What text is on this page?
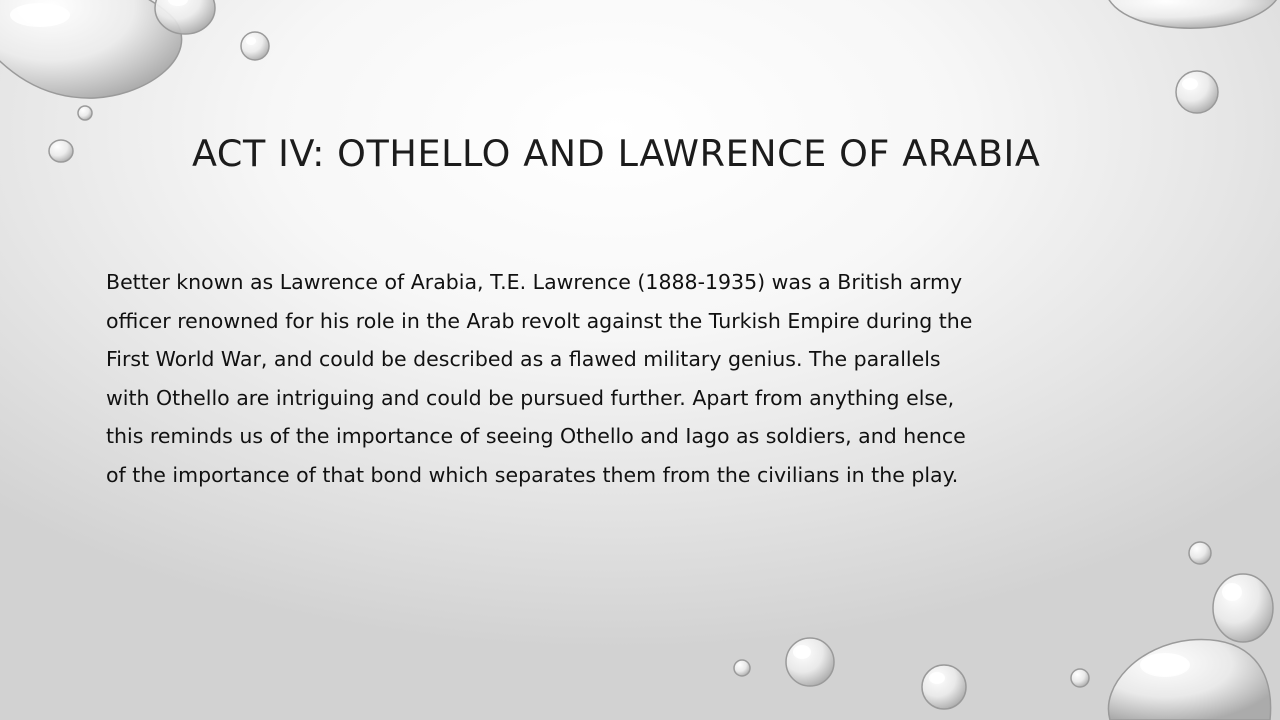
ACT IV: OTHELLO AND LAWRENCE OF ARABIA
Better known as Lawrence of Arabia, T.E. Lawrence (1888-1935) was a British army
officer renowned for his role in the Arab revolt against the Turkish Empire during the
First World War, and could be described as a flawed military genius. The parallels
with Othello are intriguing and could be pursued further. Apart from anything else,
this reminds us of the importance of seeing Othello and Iago as soldiers, and hence
of the importance of that bond which separates them from the civilians in the play.
